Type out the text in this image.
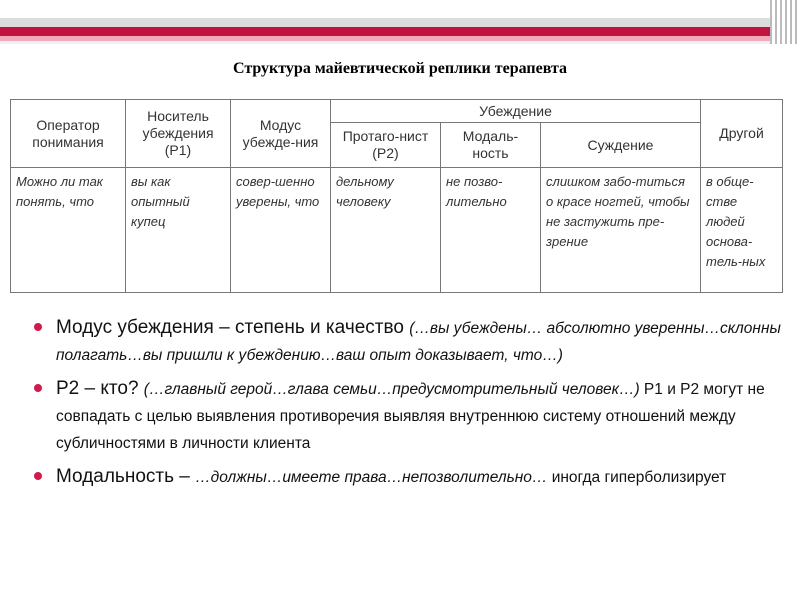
Структура майевтической реплики терапевта
Оператор понимания	Носитель убеждения (Р1)	Модус убежде-ния	Убеждение			Другой
			Протаго-нист (Р2)	Модаль-ность	Суждение	
Можно ли так понять, что	вы как опытный купец	совер-шенно уверены, что	дельному человеку	не позво-лительно	слишком забо-титься о красе ногтей, чтобы не застужить пре-зрение	в обще-стве людей основа-тель-ных
Модус убеждения – степень и качество (…вы убеждены… абсолютно уверенны…склонны полагать…вы пришли к убеждению…ваш опыт доказывает, что…)
Р2 – кто? (…главный герой…глава семьи…предусмотрительный человек…) Р1 и Р2 могут не совпадать с целью выявления противоречия выявляя внутреннюю систему отношений между субличностями в личности клиента
Модальность – …должны…имеете права…непозволительно… иногда гиперболизирует
